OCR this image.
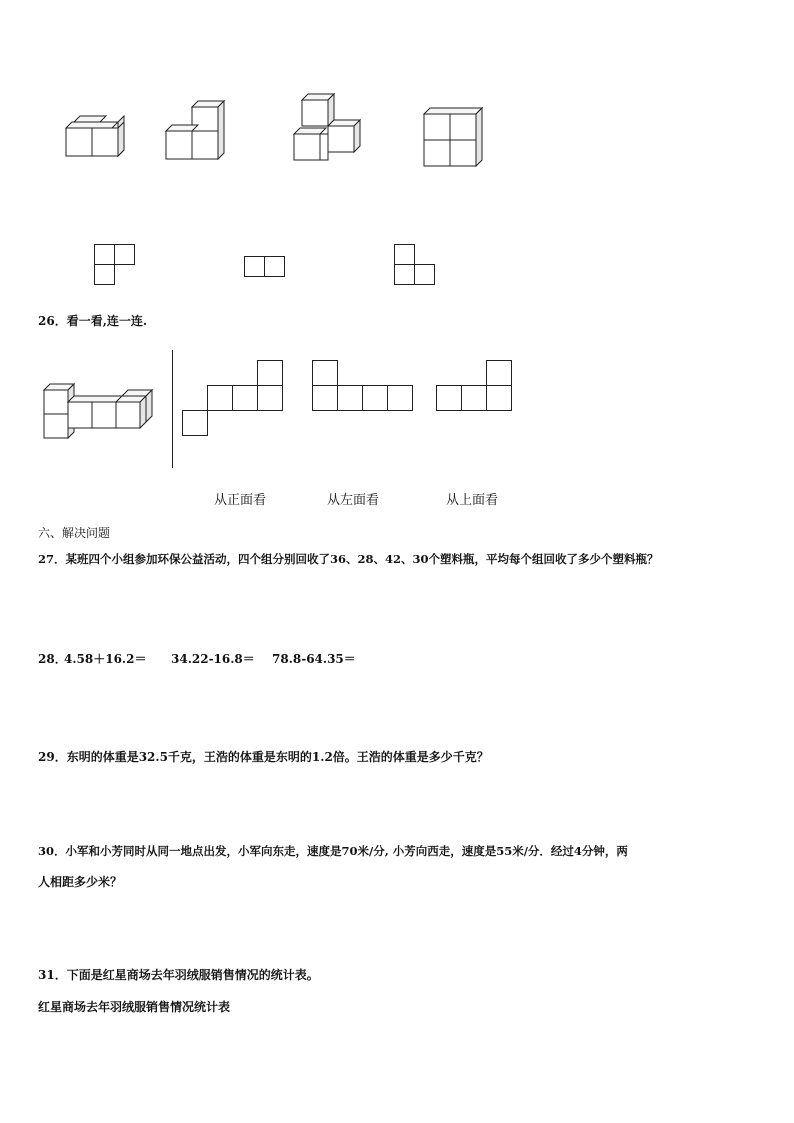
26．看一看,连一连.
从正面看	从左面看	从上面看
六、解决问题
27．某班四个小组参加环保公益活动，四个组分别回收了36、28、42、30个塑料瓶，平均每个组回收了多少个塑料瓶？
28．
4.58＋16.2＝ 34.22-16.8＝ 78.8-64.35＝
29．东明的体重是32.5千克，王浩的体重是东明的1.2倍。王浩的体重是多少千克？
30．小军和小芳同时从同一地点出发，小军向东走，速度是70米/分, 小芳向西走，速度是55米/分．经过4分钟，两
人相距多少米？
31．下面是红星商场去年羽绒服销售情况的统计表。
红星商场去年羽绒服销售情况统计表
